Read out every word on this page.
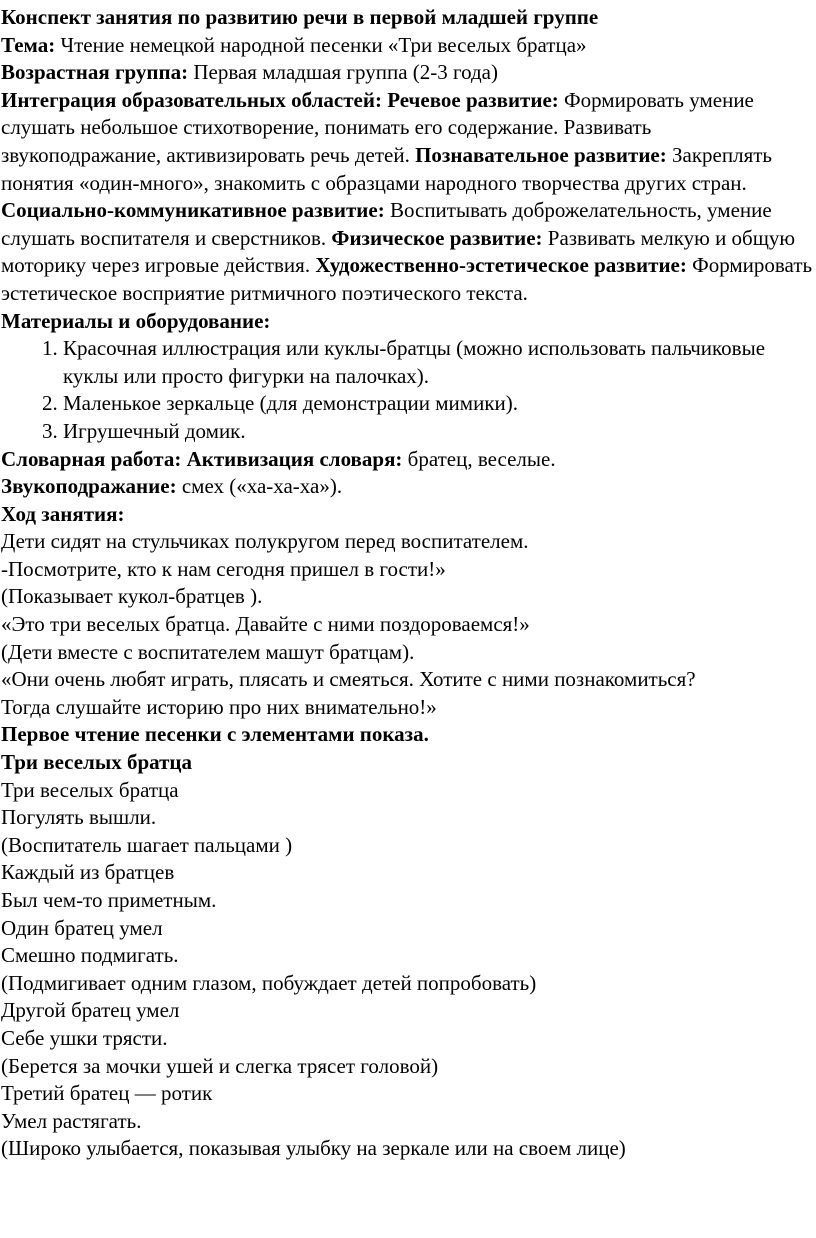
Конспект занятия по развитию речи в первой младшей группе

Тема: Чтение немецкой народной песенки «Три веселых братца»

Возрастная группа: Первая младшая группа (2-3 года)

Интеграция образовательных областей: Речевое развитие: Формировать умение слушать небольшое стихотворение, понимать его содержание. Развивать звукоподражание, активизировать речь детей. Познавательное развитие: Закреплять понятия «один-много», знакомить с образцами народного творчества других стран. Социально-коммуникативное развитие: Воспитывать доброжелательность, умение слушать воспитателя и сверстников. Физическое развитие: Развивать мелкую и общую моторику через игровые действия. Художественно-эстетическое развитие: Формировать эстетическое восприятие ритмичного поэтического текста.

Материалы и оборудование:

1. Красочная иллюстрация или куклы-братцы (можно использовать пальчиковые куклы или просто фигурки на палочках).
2. Маленькое зеркальце (для демонстрации мимики).
3. Игрушечный домик.

Словарная работа: Активизация словаря: братец, веселые.

Звукоподражание: смех («ха-ха-ха»).

Ход занятия:

Дети сидят на стульчиках полукругом перед воспитателем.

-Посмотрите, кто к нам сегодня пришел в гости!»

(Показывает кукол-братцев ).

«Это три веселых братца. Давайте с ними поздороваемся!»

(Дети вместе с воспитателем машут братцам).

«Они очень любят играть, плясать и смеяться. Хотите с ними познакомиться?

Тогда слушайте историю про них внимательно!»

Первое чтение песенки с элементами показа.

Три веселых братца

Три веселых братца

Погулять вышли.

(Воспитатель шагает пальцами )

Каждый из братцев

Был чем-то приметным.

Один братец умел

Смешно подмигать.

(Подмигивает одним глазом, побуждает детей попробовать)

Другой братец умел

Себе ушки трясти.

(Берется за мочки ушей и слегка трясет головой)

Третий братец — ротик

Умел растягать.

(Широко улыбается, показывая улыбку на зеркале или на своем лице)
